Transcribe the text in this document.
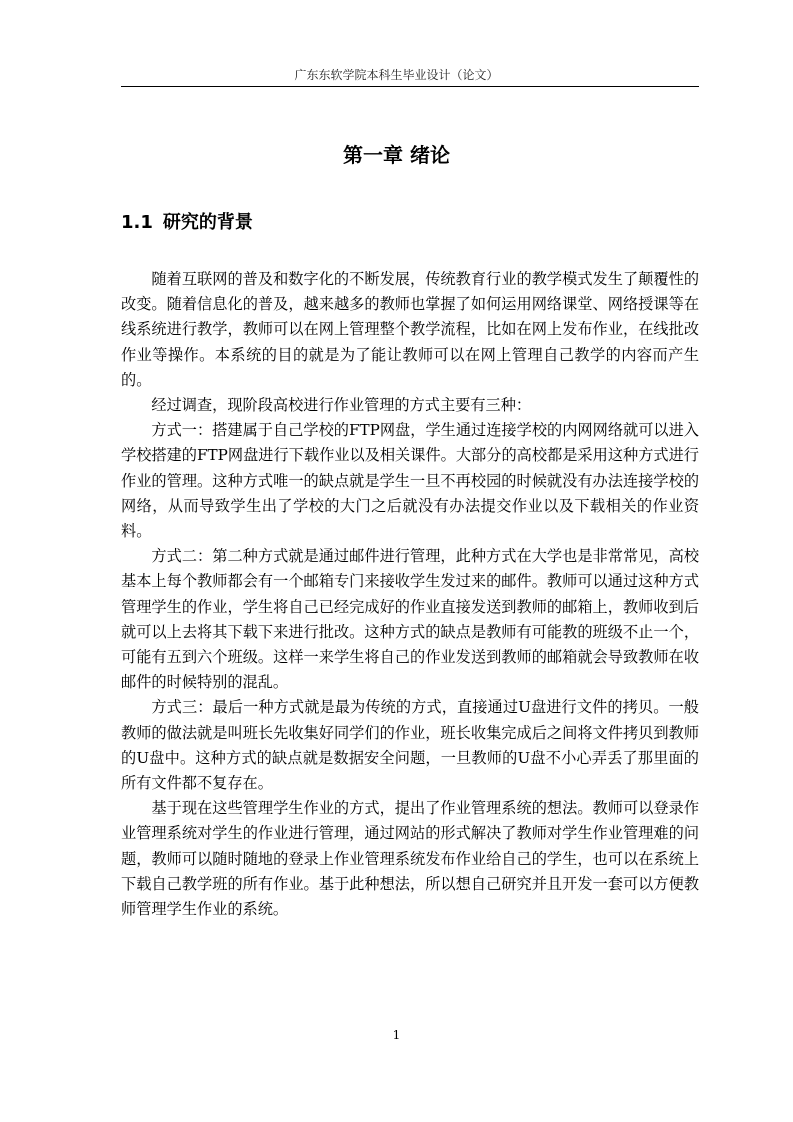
广东东软学院本科生毕业设计（论文）
第一章 绪论
1.1 研究的背景

随着互联网的普及和数字化的不断发展，传统教育行业的教学模式发生了颠覆性的改变。随着信息化的普及，越来越多的教师也掌握了如何运用网络课堂、网络授课等在线系统进行教学，教师可以在网上管理整个教学流程，比如在网上发布作业，在线批改作业等操作。本系统的目的就是为了能让教师可以在网上管理自己教学的内容而产生的。

经过调查，现阶段高校进行作业管理的方式主要有三种：

方式一：搭建属于自己学校的FTP网盘，学生通过连接学校的内网网络就可以进入学校搭建的FTP网盘进行下载作业以及相关课件。大部分的高校都是采用这种方式进行作业的管理。这种方式唯一的缺点就是学生一旦不再校园的时候就没有办法连接学校的网络，从而导致学生出了学校的大门之后就没有办法提交作业以及下载相关的作业资料。

方式二：第二种方式就是通过邮件进行管理，此种方式在大学也是非常常见，高校基本上每个教师都会有一个邮箱专门来接收学生发过来的邮件。教师可以通过这种方式管理学生的作业，学生将自己已经完成好的作业直接发送到教师的邮箱上，教师收到后就可以上去将其下载下来进行批改。这种方式的缺点是教师有可能教的班级不止一个，可能有五到六个班级。这样一来学生将自己的作业发送到教师的邮箱就会导致教师在收邮件的时候特别的混乱。

方式三：最后一种方式就是最为传统的方式，直接通过U盘进行文件的拷贝。一般教师的做法就是叫班长先收集好同学们的作业，班长收集完成后之间将文件拷贝到教师的U盘中。这种方式的缺点就是数据安全问题，一旦教师的U盘不小心弄丢了那里面的所有文件都不复存在。

基于现在这些管理学生作业的方式，提出了作业管理系统的想法。教师可以登录作业管理系统对学生的作业进行管理，通过网站的形式解决了教师对学生作业管理难的问题，教师可以随时随地的登录上作业管理系统发布作业给自己的学生，也可以在系统上下载自己教学班的所有作业。基于此种想法，所以想自己研究并且开发一套可以方便教师管理学生作业的系统。

1
